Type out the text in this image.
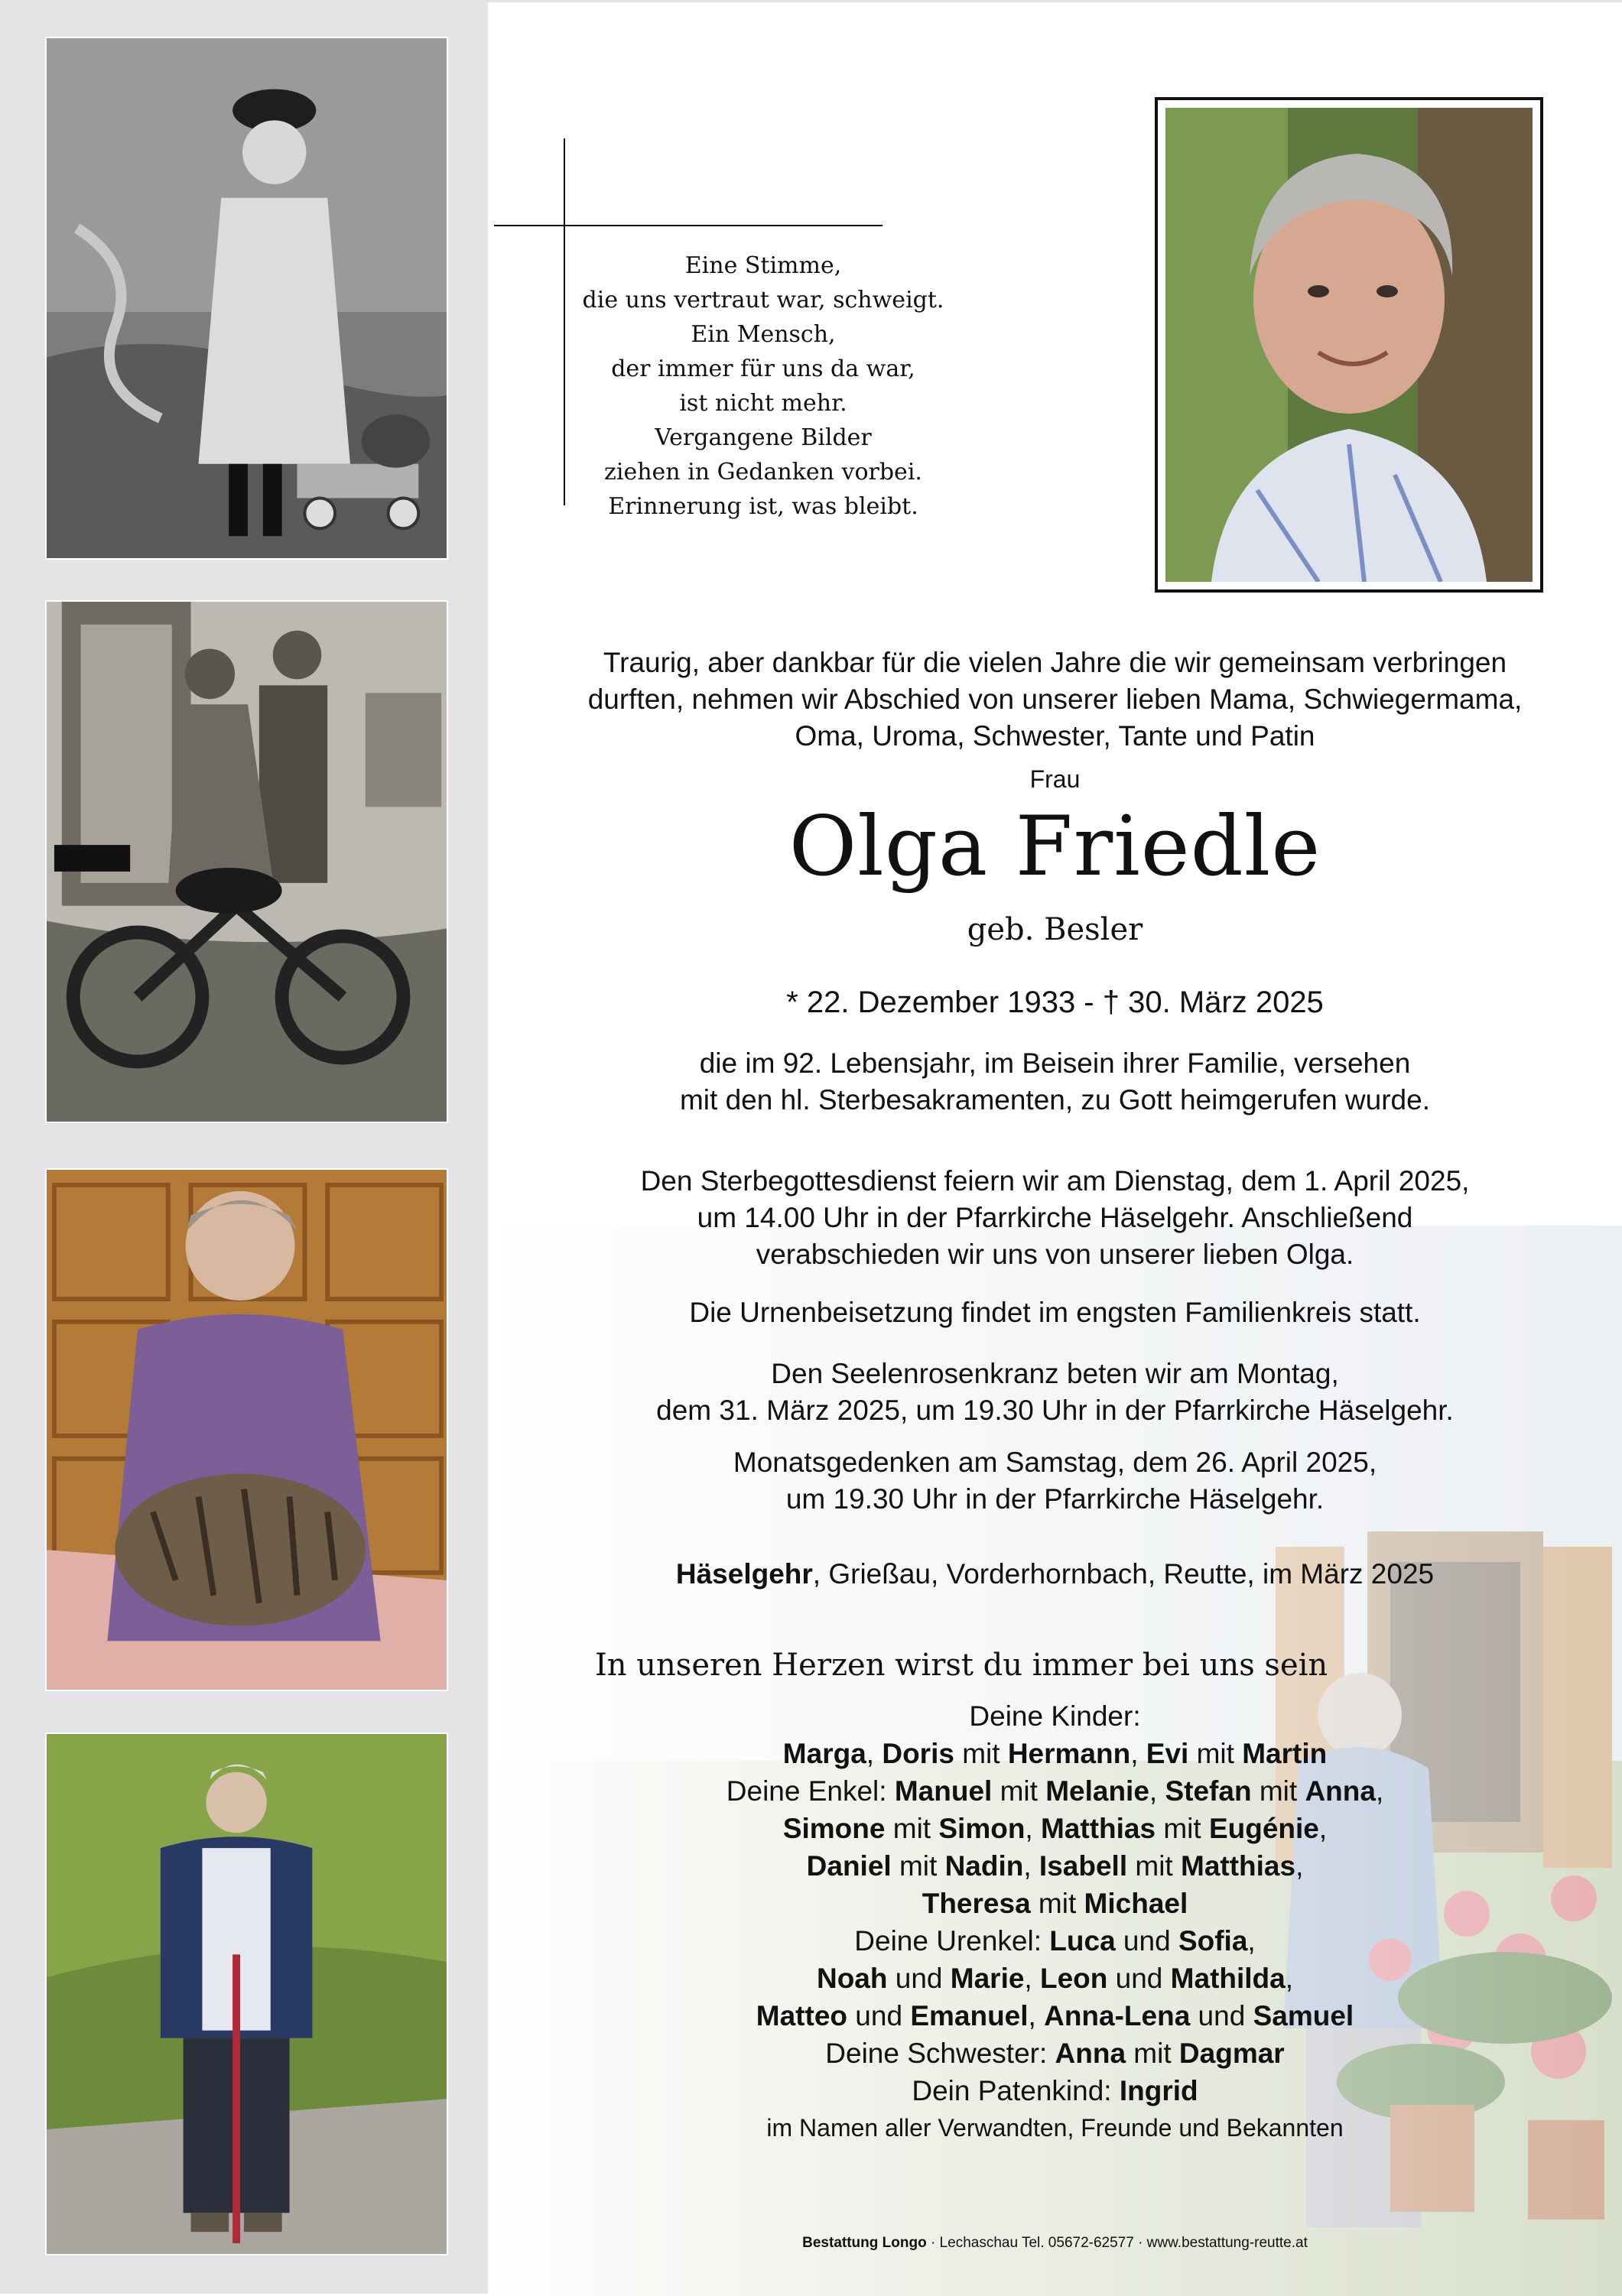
Eine Stimme,
die uns vertraut war, schweigt.
Ein Mensch,
der immer für uns da war,
ist nicht mehr.
Vergangene Bilder
ziehen in Gedanken vorbei.
Erinnerung ist, was bleibt.
Traurig, aber dankbar für die vielen Jahre die wir gemeinsam verbringen
durften, nehmen wir Abschied von unserer lieben Mama, Schwiegermama,
Oma, Uroma, Schwester, Tante und Patin
Frau
Olga Friedle
geb. Besler
* 22. Dezember 1933 - † 30. März 2025
die im 92. Lebensjahr, im Beisein ihrer Familie, versehen
mit den hl. Sterbesakramenten, zu Gott heimgerufen wurde.
Den Sterbegottesdienst feiern wir am Dienstag, dem 1. April 2025,
um 14.00 Uhr in der Pfarrkirche Häselgehr. Anschließend
verabschieden wir uns von unserer lieben Olga.
Die Urnenbeisetzung findet im engsten Familienkreis statt.
Den Seelenrosenkranz beten wir am Montag,
dem 31. März 2025, um 19.30 Uhr in der Pfarrkirche Häselgehr.
Monatsgedenken am Samstag, dem 26. April 2025,
um 19.30 Uhr in der Pfarrkirche Häselgehr.
Häselgehr, Grießau, Vorderhornbach, Reutte, im März 2025
In unseren Herzen wirst du immer bei uns sein
Deine Kinder:
Marga, Doris mit Hermann, Evi mit Martin
Deine Enkel: Manuel mit Melanie, Stefan mit Anna,
Simone mit Simon, Matthias mit Eugénie,
Daniel mit Nadin, Isabell mit Matthias,
Theresa mit Michael
Deine Urenkel: Luca und Sofia,
Noah und Marie, Leon und Mathilda,
Matteo und Emanuel, Anna-Lena und Samuel
Deine Schwester: Anna mit Dagmar
Dein Patenkind: Ingrid
im Namen aller Verwandten, Freunde und Bekannten
Bestattung Longo · Lechaschau Tel. 05672-62577 · www.bestattung-reutte.at
